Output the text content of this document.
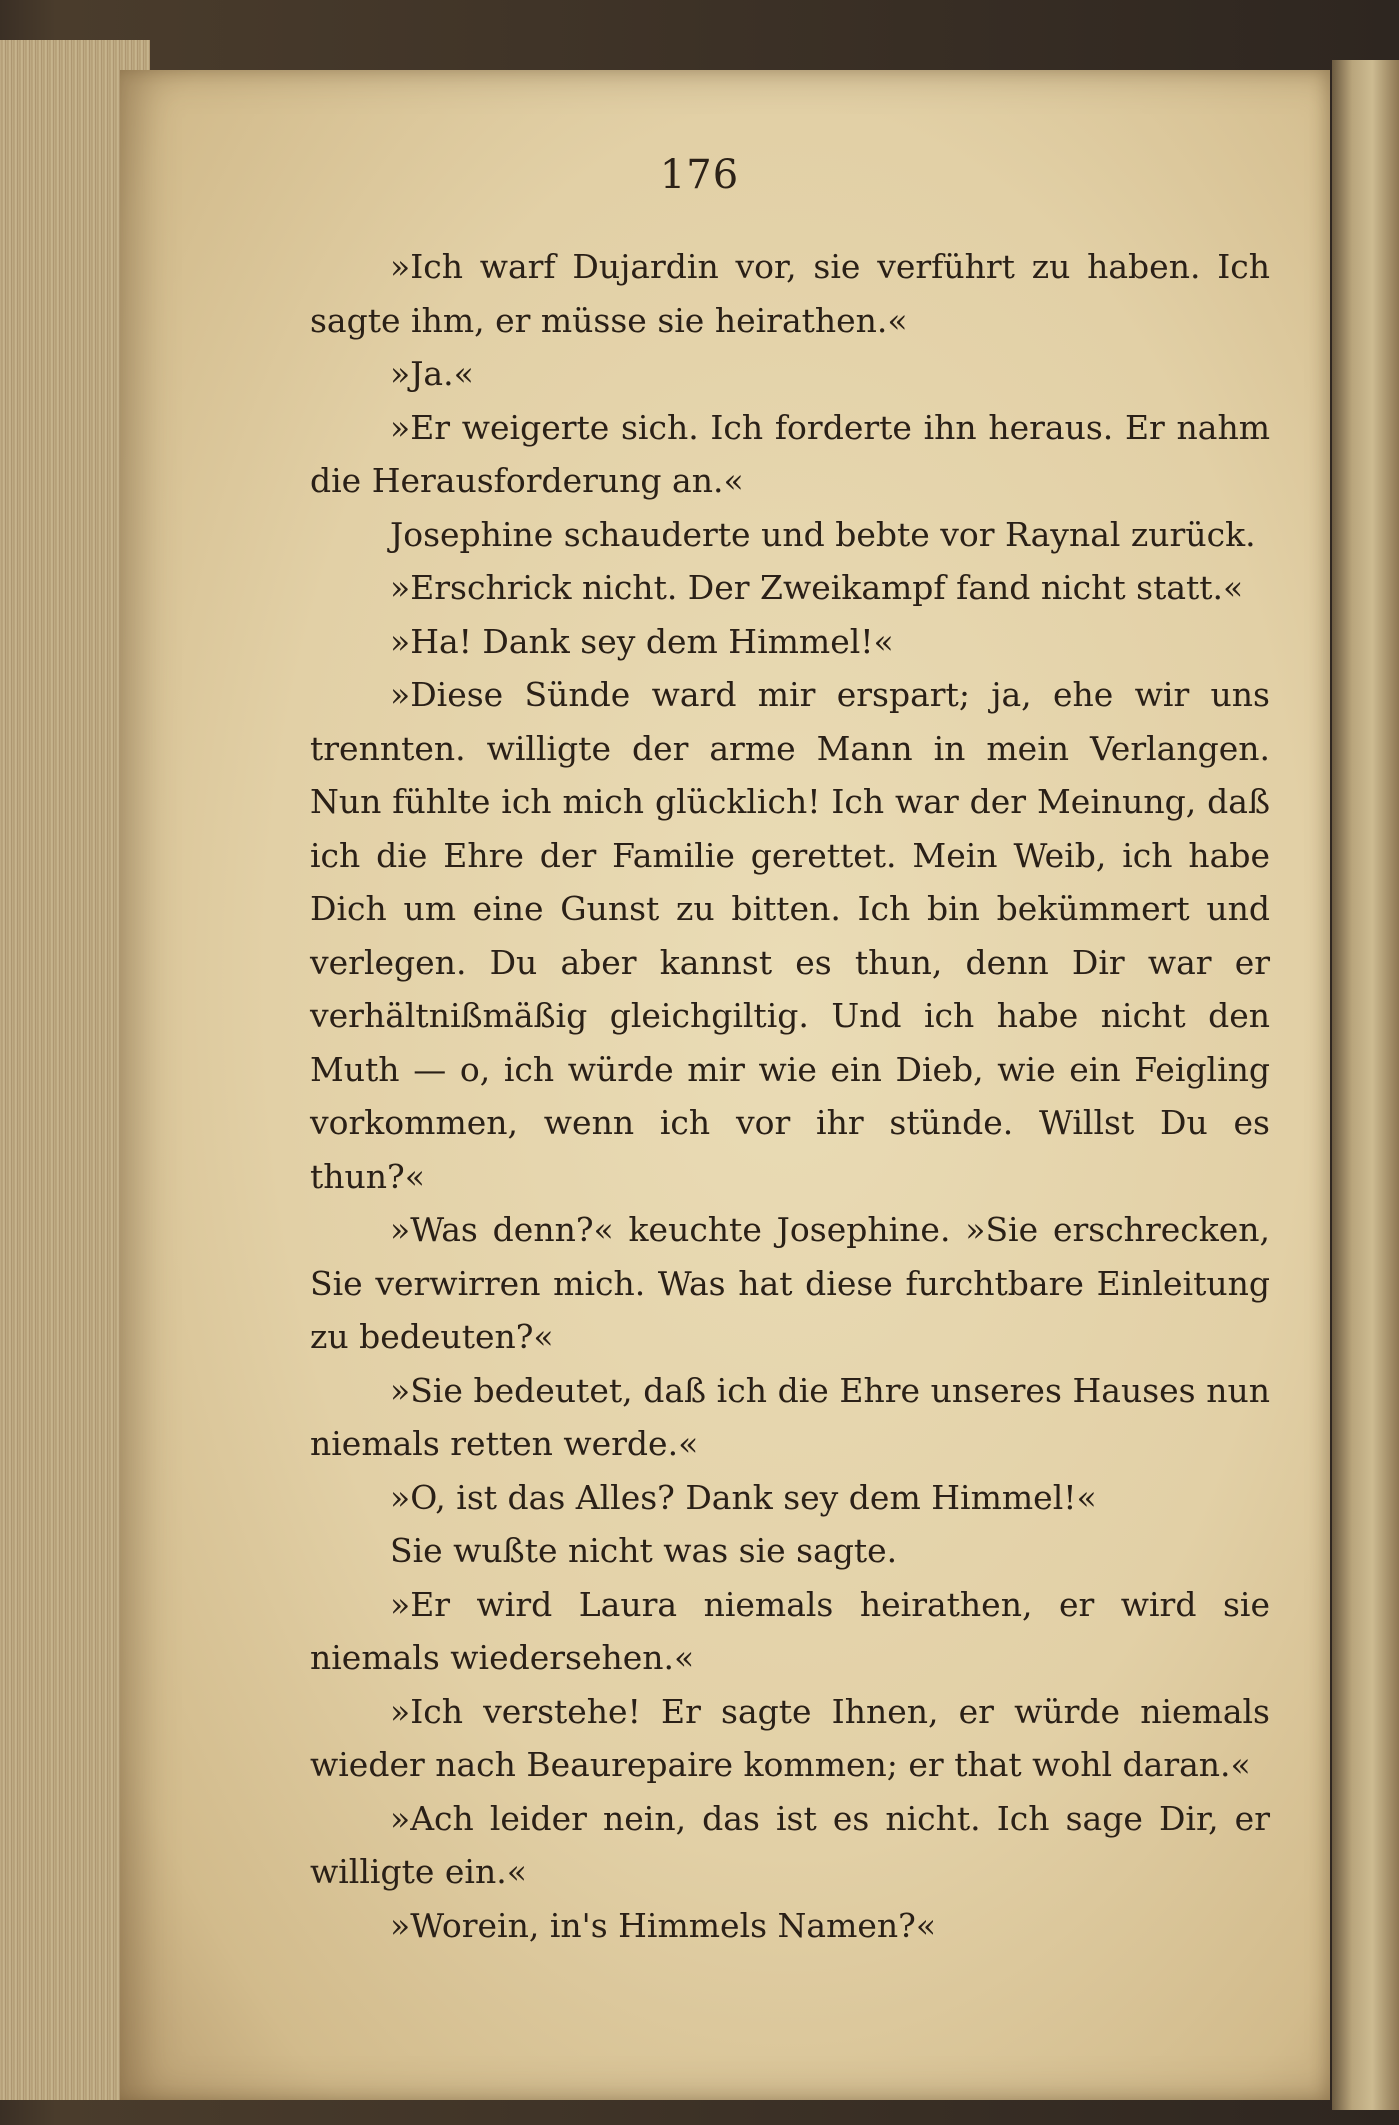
176

»Ich warf Dujardin vor, sie verführt zu haben. Ich sagte ihm, er müsse sie heirathen.«

»Ja.«

»Er weigerte sich. Ich forderte ihn heraus. Er nahm die Herausforderung an.«

Josephine schauderte und bebte vor Raynal zurück.

»Erschrick nicht. Der Zweikampf fand nicht statt.«

»Ha! Dank sey dem Himmel!«

»Diese Sünde ward mir erspart; ja, ehe wir uns trennten. willigte der arme Mann in mein Verlangen. Nun fühlte ich mich glücklich! Ich war der Meinung, daß ich die Ehre der Familie gerettet. Mein Weib, ich habe Dich um eine Gunst zu bitten. Ich bin bekümmert und verlegen. Du aber kannst es thun, denn Dir war er verhältnißmäßig gleichgiltig. Und ich habe nicht den Muth — o, ich würde mir wie ein Dieb, wie ein Feigling vorkommen, wenn ich vor ihr stünde. Willst Du es thun?«

»Was denn?« keuchte Josephine. »Sie erschrecken, Sie verwirren mich. Was hat diese furchtbare Einleitung zu bedeuten?«

»Sie bedeutet, daß ich die Ehre unseres Hauses nun niemals retten werde.«

»O, ist das Alles? Dank sey dem Himmel!«

Sie wußte nicht was sie sagte.

»Er wird Laura niemals heirathen, er wird sie niemals wiedersehen.«

»Ich verstehe! Er sagte Ihnen, er würde niemals wieder nach Beaurepaire kommen; er that wohl daran.«

»Ach leider nein, das ist es nicht. Ich sage Dir, er willigte ein.«

»Worein, in's Himmels Namen?«
